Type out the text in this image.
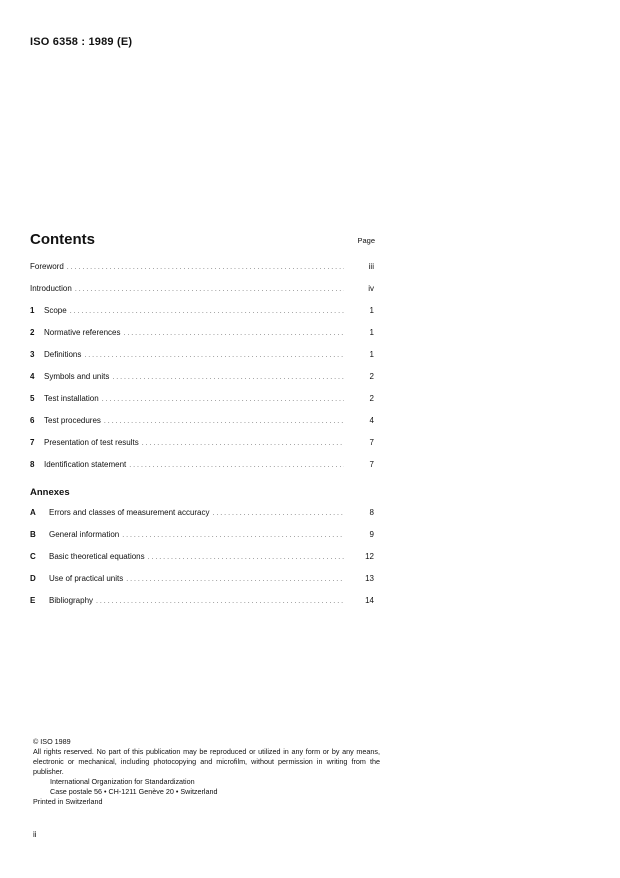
ISO 6358 : 1989 (E)
Contents	Page
Foreword . . .	iii
Introduction . . .	iv
1	Scope . . .	1
2	Normative references . . .	1
3	Definitions . . .	1
4	Symbols and units . . .	2
5	Test installation . . .	2
6	Test procedures . . .	4
7	Presentation of test results . . .	7
8	Identification statement . . .	7
Annexes
A	Errors and classes of measurement accuracy . . .	8
B	General information . . .	9
C	Basic theoretical equations . . .	12
D	Use of practical units . . .	13
E	Bibliography . . .	14
© ISO 1989
All rights reserved. No part of this publication may be reproduced or utilized in any form or by any means, electronic or mechanical, including photocopying and microfilm, without permission in writing from the publisher.
International Organization for Standardization
Case postale 56 • CH-1211 Genève 20 • Switzerland
Printed in Switzerland
ii
